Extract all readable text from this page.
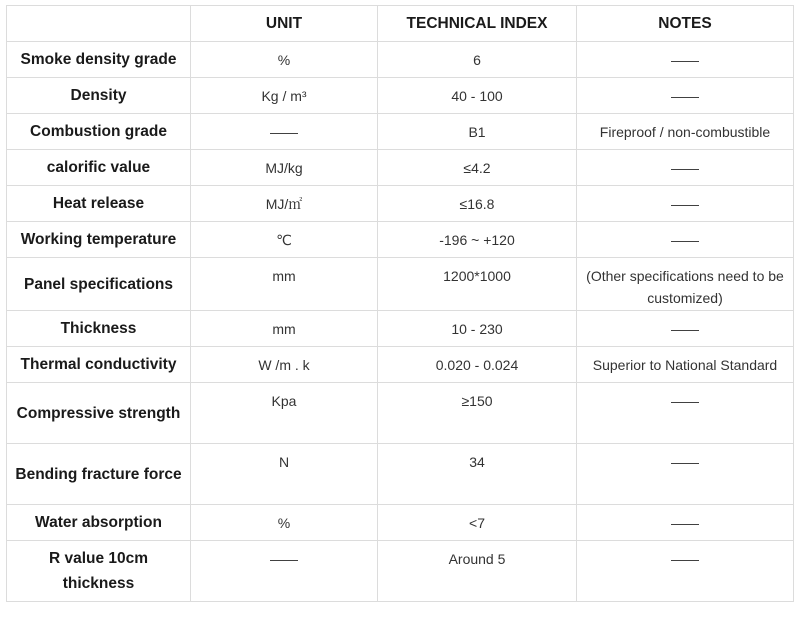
	UNIT	TECHNICAL INDEX	NOTES
Smoke density grade	%	6	——
Density	Kg / m³	40 - 100	——
Combustion grade	——	B1	Fireproof / non-combustible
calorific value	MJ/kg	≤4.2	——
Heat release	MJ/㎡	≤16.8	——
Working temperature	℃	-196 ~ +120	——
Panel specifications	mm	1200*1000	(Other specifications need to be customized)
Thickness	mm	10 - 230	——
Thermal conductivity	W /m . k	0.020 - 0.024	Superior to National Standard
Compressive strength	Kpa	≥150	——
Bending fracture force	N	34	——
Water absorption	%	<7	——
R value 10cm thickness	——	Around 5	——
